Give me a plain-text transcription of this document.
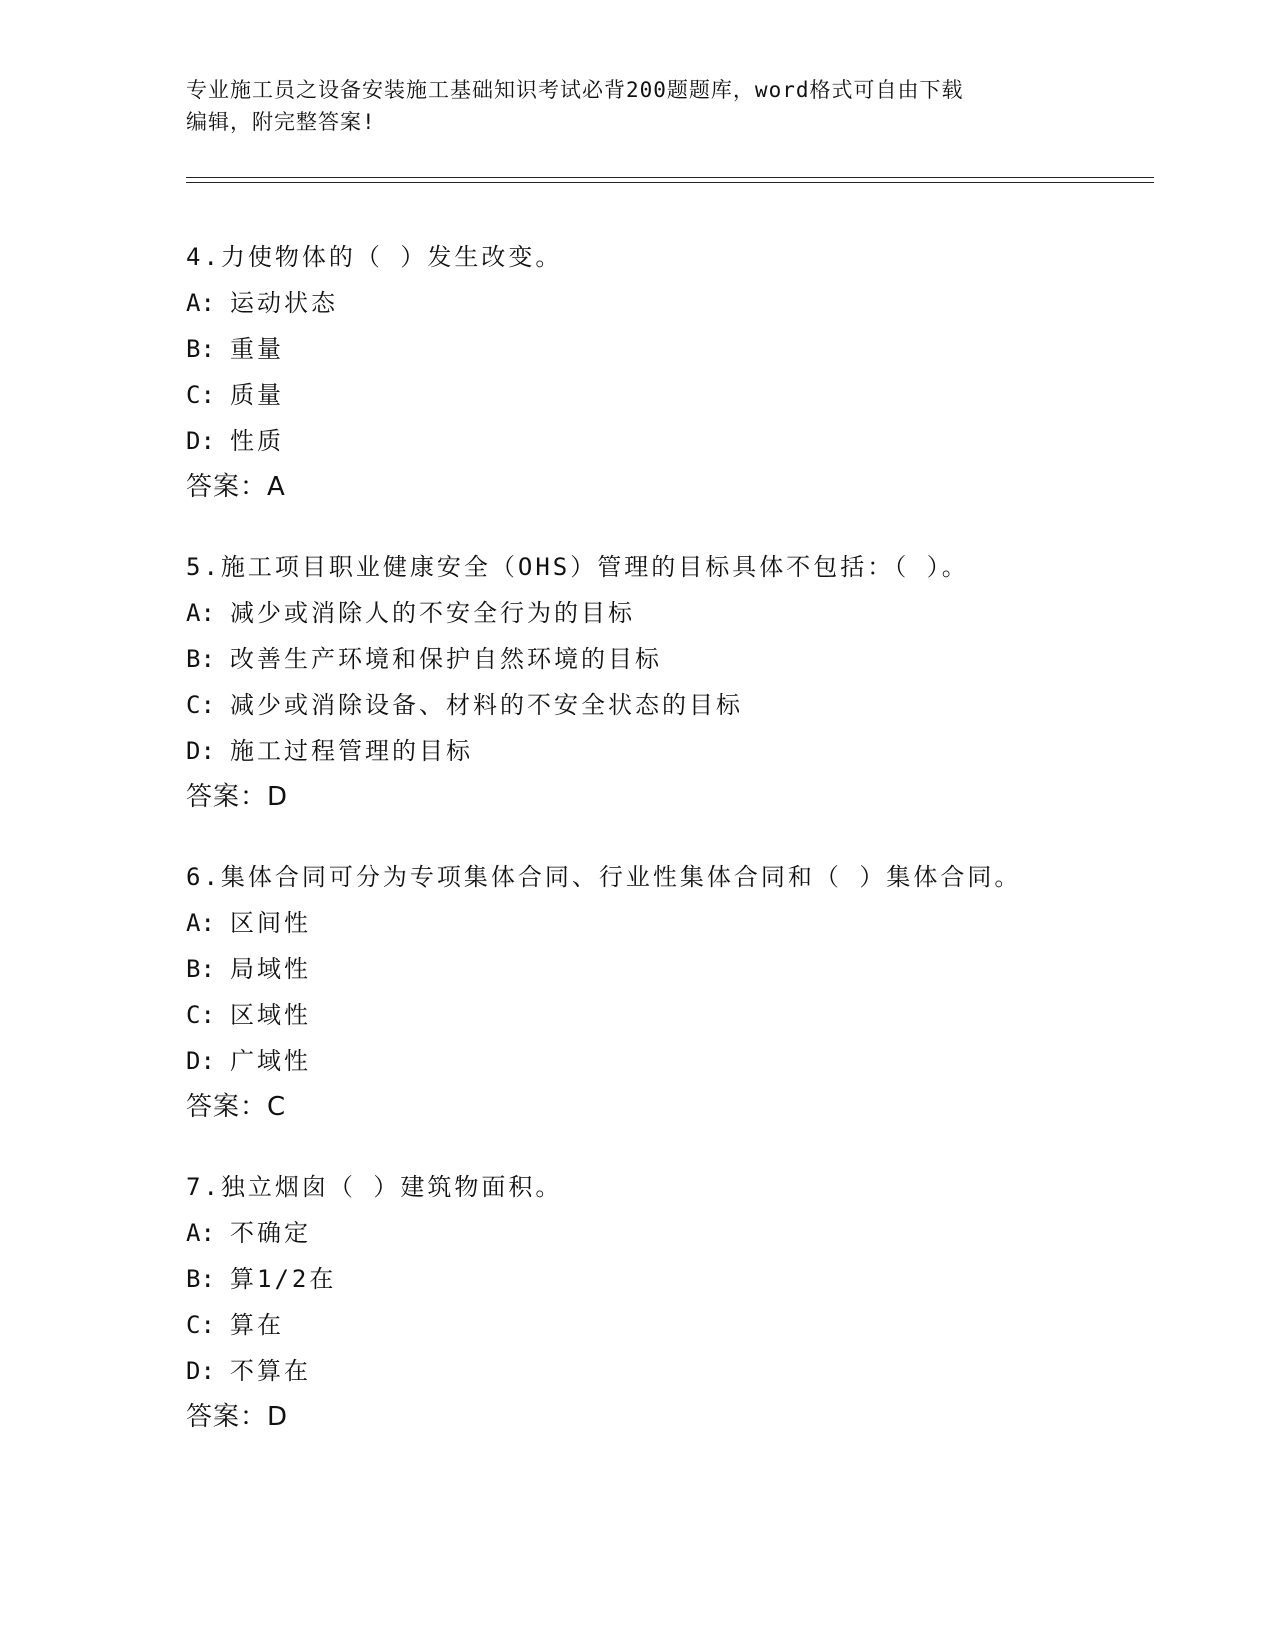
专业施工员之设备安装施工基础知识考试必背200题题库，word格式可自由下载
编辑，附完整答案!
4.力使物体的（ ）发生改变。
A: 运动状态
B: 重量
C: 质量
D: 性质
答案：A
5.施工项目职业健康安全（OHS）管理的目标具体不包括：（ ）。
A: 减少或消除人的不安全行为的目标
B: 改善生产环境和保护自然环境的目标
C: 减少或消除设备、材料的不安全状态的目标
D: 施工过程管理的目标
答案：D
6.集体合同可分为专项集体合同、行业性集体合同和（ ）集体合同。
A: 区间性
B: 局域性
C: 区域性
D: 广域性
答案：C
7.独立烟囱（ ）建筑物面积。
A: 不确定
B: 算1/2在
C: 算在
D: 不算在
答案：D
